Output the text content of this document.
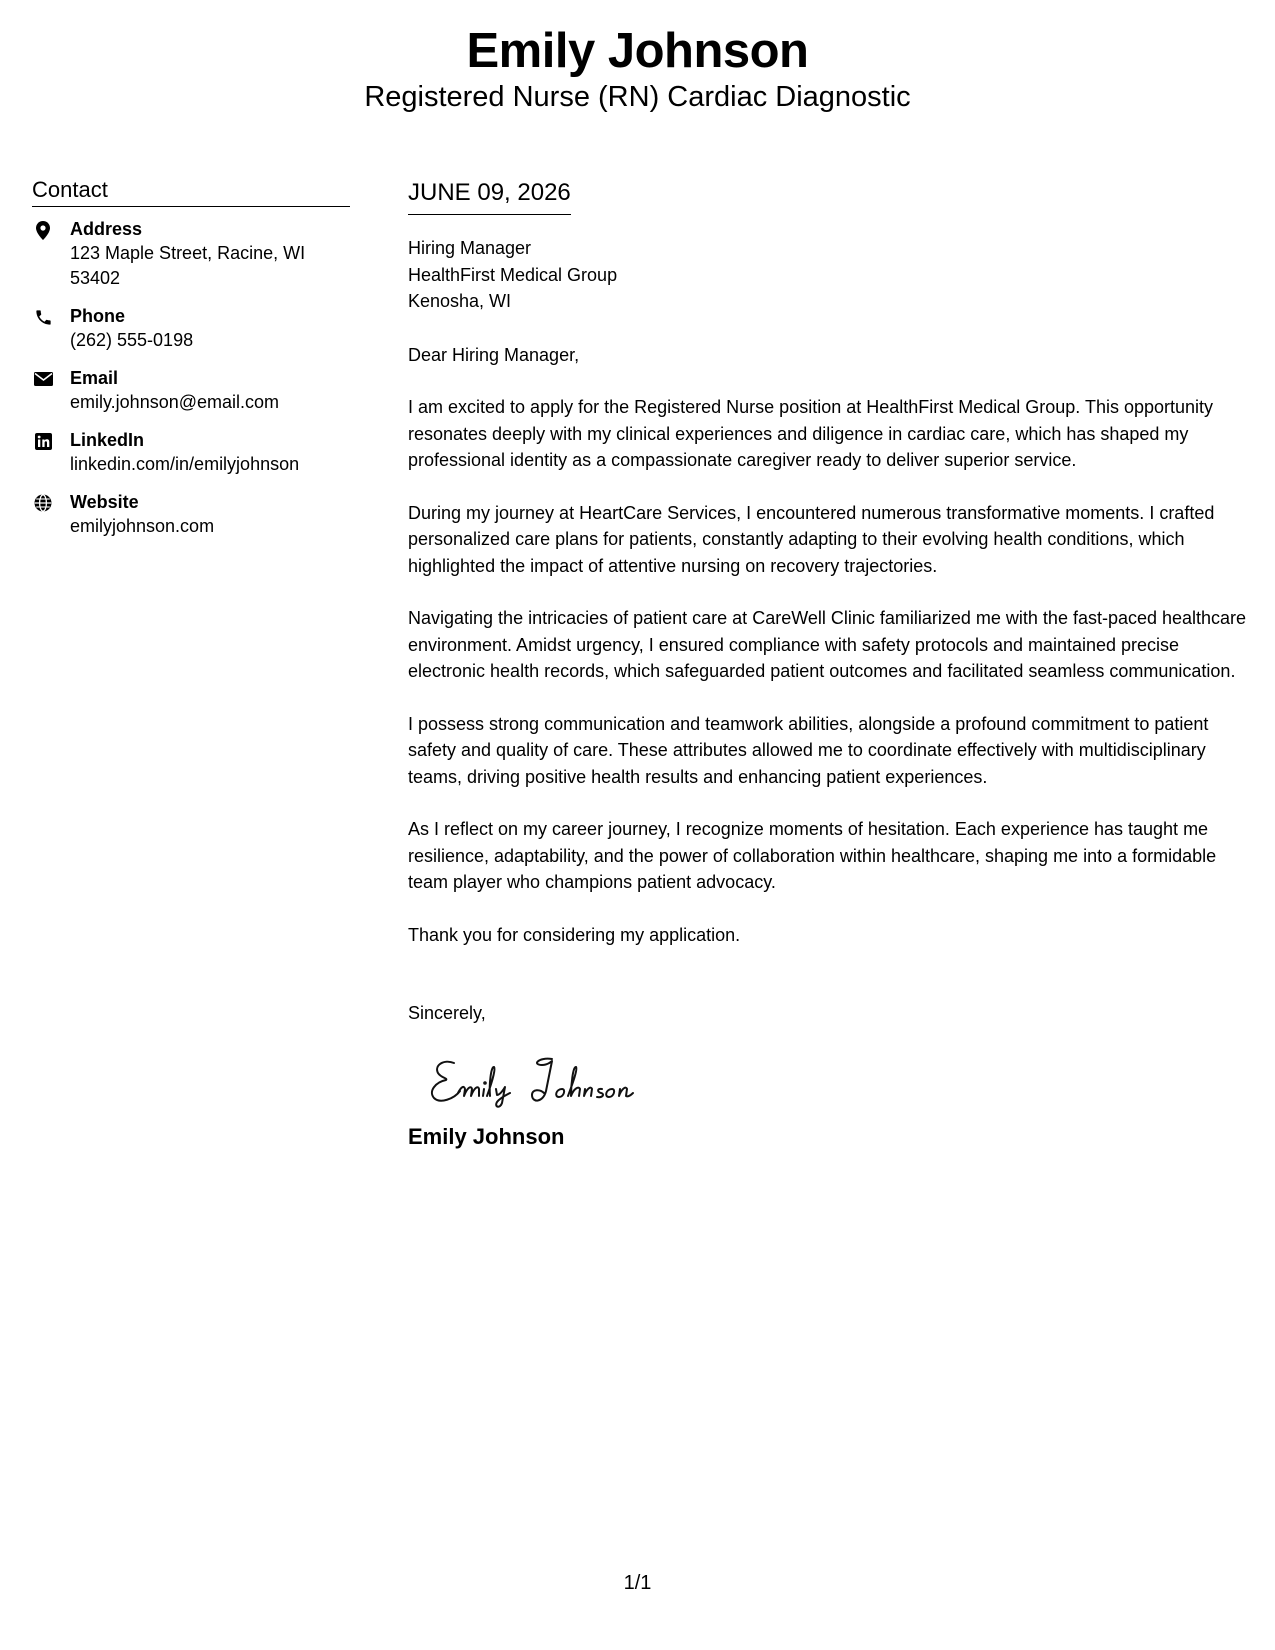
Emily Johnson
Registered Nurse (RN) Cardiac Diagnostic
Contact
Address
123 Maple Street, Racine, WI 53402
Phone
(262) 555-0198
Email
emily.johnson@email.com
LinkedIn
linkedin.com/in/emilyjohnson
Website
emilyjohnson.com
JUNE 09, 2026
Hiring Manager
HealthFirst Medical Group
Kenosha, WI
Dear Hiring Manager,
I am excited to apply for the Registered Nurse position at HealthFirst Medical Group. This opportunity resonates deeply with my clinical experiences and diligence in cardiac care, which has shaped my professional identity as a compassionate caregiver ready to deliver superior service.
During my journey at HeartCare Services, I encountered numerous transformative moments. I crafted personalized care plans for patients, constantly adapting to their evolving health conditions, which highlighted the impact of attentive nursing on recovery trajectories.
Navigating the intricacies of patient care at CareWell Clinic familiarized me with the fast-paced healthcare environment. Amidst urgency, I ensured compliance with safety protocols and maintained precise electronic health records, which safeguarded patient outcomes and facilitated seamless communication.
I possess strong communication and teamwork abilities, alongside a profound commitment to patient safety and quality of care. These attributes allowed me to coordinate effectively with multidisciplinary teams, driving positive health results and enhancing patient experiences.
As I reflect on my career journey, I recognize moments of hesitation. Each experience has taught me resilience, adaptability, and the power of collaboration within healthcare, shaping me into a formidable team player who champions patient advocacy.
Thank you for considering my application.
Sincerely,
Emily Johnson
1/1
